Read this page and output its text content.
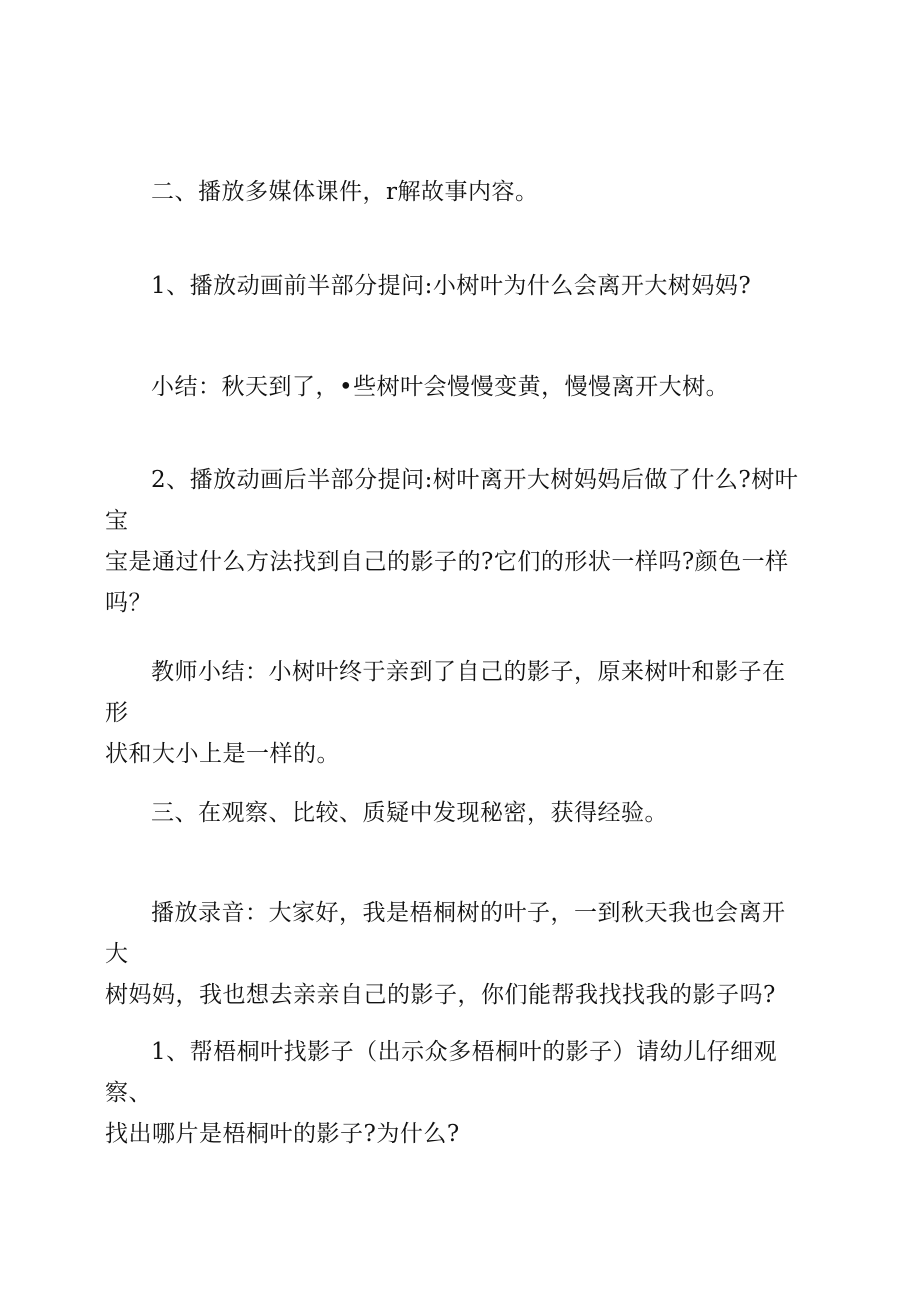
二、播放多媒体课件，r解故事内容。
1、播放动画前半部分提问:小树叶为什么会离开大树妈妈?
小结：秋天到了，•些树叶会慢慢变黄，慢慢离开大树。
2、播放动画后半部分提问:树叶离开大树妈妈后做了什么?树叶宝
宝是通过什么方法找到自己的影子的?它们的形状一样吗?颜色一样
吗？
教师小结：小树叶终于亲到了自己的影子，原来树叶和影子在形
状和大小上是一样的。
三、在观察、比较、质疑中发现秘密，获得经验。
播放录音：大家好，我是梧桐树的叶子，一到秋天我也会离开大
树妈妈，我也想去亲亲自己的影子，你们能帮我找找我的影子吗?
1、帮梧桐叶找影子（出示众多梧桐叶的影子）请幼儿仔细观察、
找出哪片是梧桐叶的影子?为什么?
